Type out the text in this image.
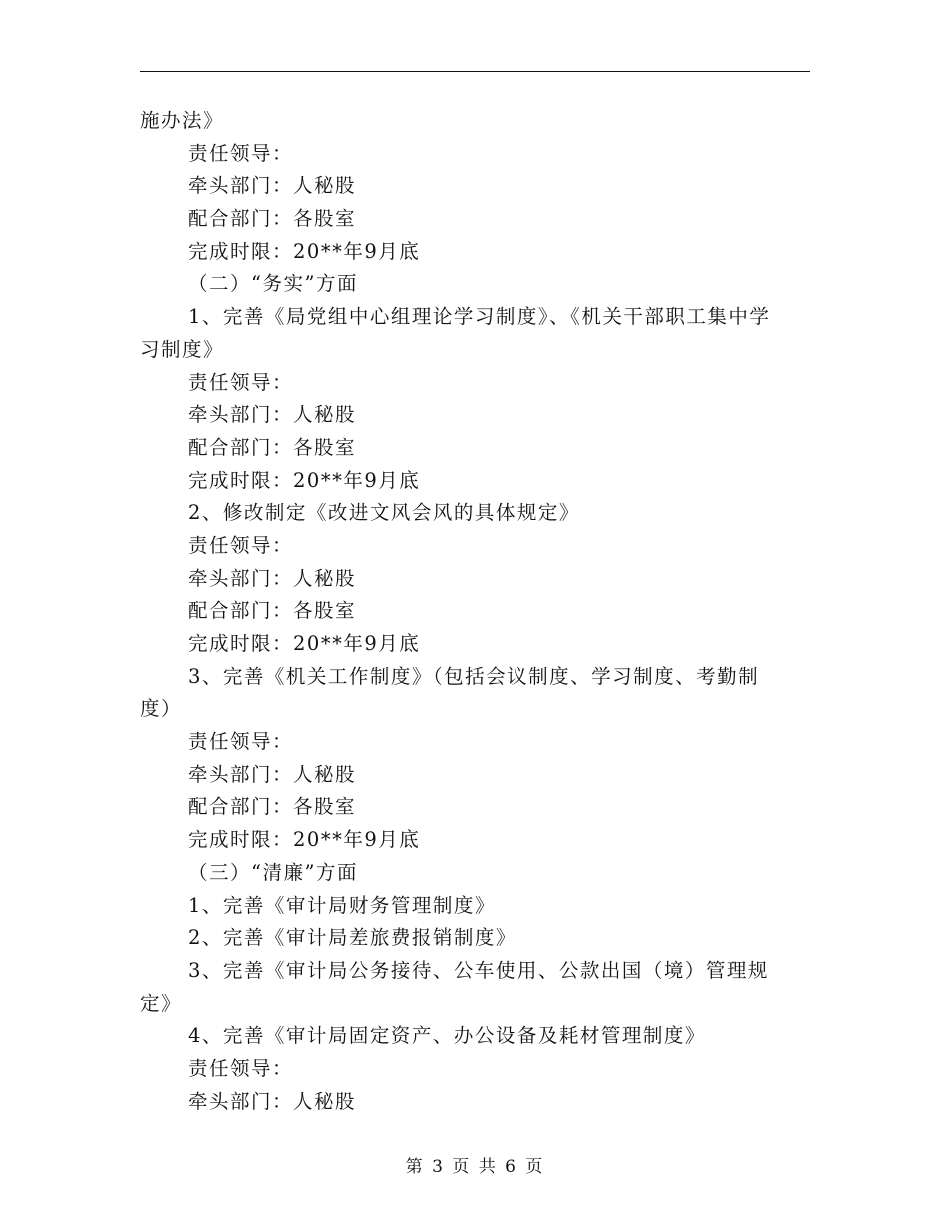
施办法》
责任领导：
牵头部门：人秘股
配合部门：各股室
完成时限：20**年9月底
（二）“务实”方面
1、完善《局党组中心组理论学习制度》、《机关干部职工集中学
习制度》
责任领导：
牵头部门：人秘股
配合部门：各股室
完成时限：20**年9月底
2、修改制定《改进文风会风的具体规定》
责任领导：
牵头部门：人秘股
配合部门：各股室
完成时限：20**年9月底
3、完善《机关工作制度》（包括会议制度、学习制度、考勤制
度）
责任领导：
牵头部门：人秘股
配合部门：各股室
完成时限：20**年9月底
（三）“清廉”方面
1、完善《审计局财务管理制度》
2、完善《审计局差旅费报销制度》
3、完善《审计局公务接待、公车使用、公款出国（境）管理规
定》
4、完善《审计局固定资产、办公设备及耗材管理制度》
责任领导：
牵头部门：人秘股
第 3 页 共 6 页
